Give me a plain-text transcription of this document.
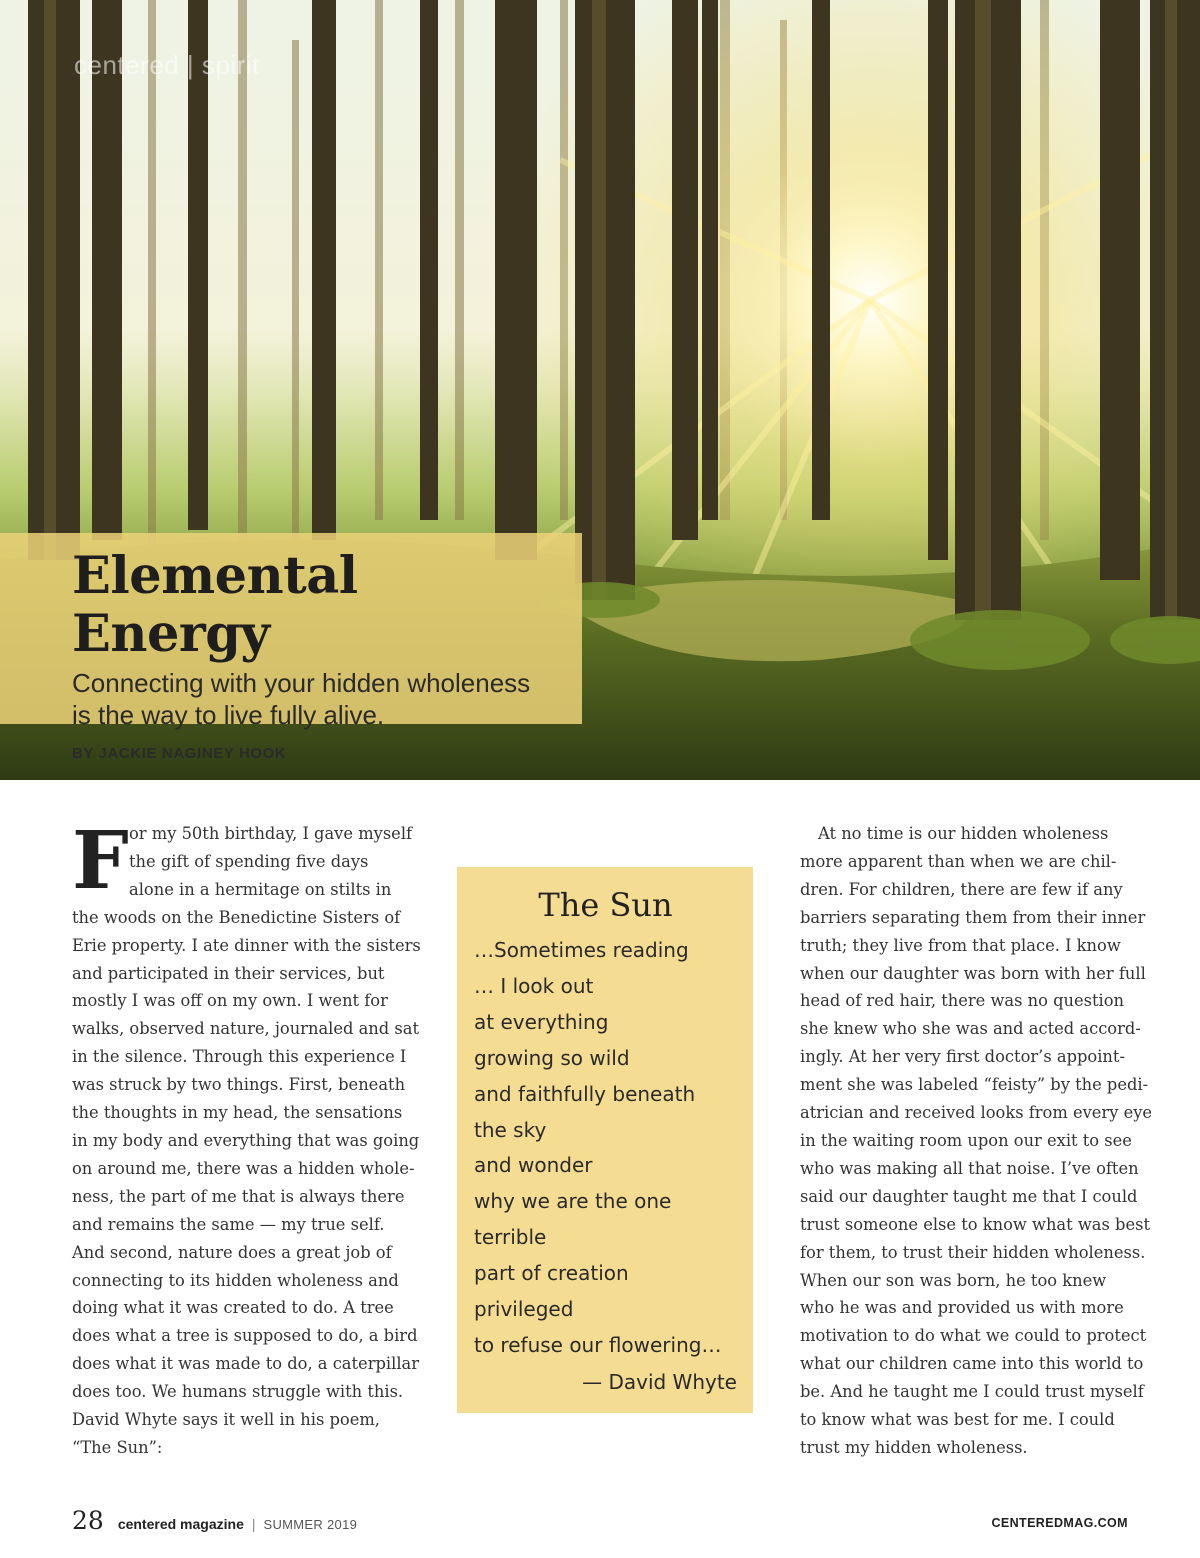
centered | spirit
Elemental Energy

Connecting with your hidden wholeness
is the way to live fully alive.

BY JACKIE NAGINEY HOOK

F or my 50th birthday, I gave myself
the gift of spending five days
alone in a hermitage on stilts in
the woods on the Benedictine Sisters of
Erie property. I ate dinner with the sisters
and participated in their services, but
mostly I was off on my own. I went for
walks, observed nature, journaled and sat
in the silence. Through this experience I
was struck by two things. First, beneath
the thoughts in my head, the sensations
in my body and everything that was going
on around me, there was a hidden whole-
ness, the part of me that is always there
and remains the same — my true self.
And second, nature does a great job of
connecting to its hidden wholeness and
doing what it was created to do. A tree
does what a tree is supposed to do, a bird
does what it was made to do, a caterpillar
does too. We humans struggle with this.
David Whyte says it well in his poem,
“The Sun”:
The Sun
…Sometimes reading
… I look out
at everything
growing so wild
and faithfully beneath
the sky
and wonder
why we are the one
terrible
part of creation
privileged
to refuse our flowering…
— David Whyte
At no time is our hidden wholeness
more apparent than when we are chil-
dren. For children, there are few if any
barriers separating them from their inner
truth; they live from that place. I know
when our daughter was born with her full
head of red hair, there was no question
she knew who she was and acted accord-
ingly. At her very first doctor’s appoint-
ment she was labeled “feisty” by the pedi-
atrician and received looks from every eye
in the waiting room upon our exit to see
who was making all that noise. I’ve often
said our daughter taught me that I could
trust someone else to know what was best
for them, to trust their hidden wholeness.
When our son was born, he too knew
who he was and provided us with more
motivation to do what we could to protect
what our children came into this world to
be. And he taught me I could trust myself
to know what was best for me. I could
trust my hidden wholeness.
28 centered magazine | SUMMER 2019	CENTEREDMAG.COM
